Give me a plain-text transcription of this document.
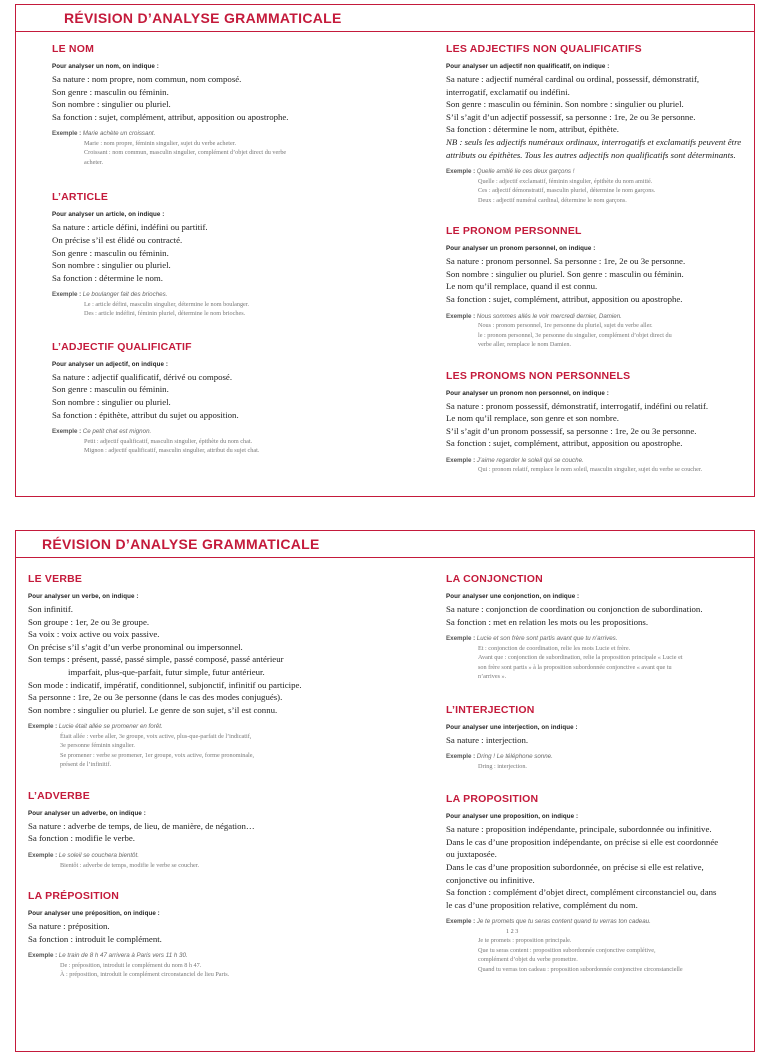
RÉVISION D’ANALYSE GRAMMATICALE
LE NOM

Pour analyser un nom, on indique :

Sa nature : nom propre, nom commun, nom composé.

Son genre : masculin ou féminin.

Son nombre : singulier ou pluriel.

Sa fonction : sujet, complément, attribut, apposition ou apostrophe.

Exemple : Marie achète un croissant.
Marie : nom propre, féminin singulier, sujet du verbe acheter.
Croissant : nom commun, masculin singulier, complément d’objet direct du verbe
acheter.
L’ARTICLE

Pour analyser un article, on indique :

Sa nature : article défini, indéfini ou partitif.

On précise s’il est élidé ou contracté.

Son genre : masculin ou féminin.

Son nombre : singulier ou pluriel.

Sa fonction : détermine le nom.

Exemple : Le boulanger fait des brioches.
Le : article défini, masculin singulier, détermine le nom boulanger.
Des : article indéfini, féminin pluriel, détermine le nom brioches.
L’ADJECTIF QUALIFICATIF

Pour analyser un adjectif, on indique :

Sa nature : adjectif qualificatif, dérivé ou composé.

Son genre : masculin ou féminin.

Son nombre : singulier ou pluriel.

Sa fonction : épithète, attribut du sujet ou apposition.

Exemple : Ce petit chat est mignon.
Petit : adjectif qualificatif, masculin singulier, épithète du nom chat.
Mignon : adjectif qualificatif, masculin singulier, attribut du sujet chat.
LES ADJECTIFS NON QUALIFICATIFS

Pour analyser un adjectif non qualificatif, on indique :

Sa nature : adjectif numéral cardinal ou ordinal, possessif, démonstratif,

interrogatif, exclamatif ou indéfini.

Son genre : masculin ou féminin. Son nombre : singulier ou pluriel.

S’il s’agit d’un adjectif possessif, sa personne : 1re, 2e ou 3e personne.

Sa fonction : détermine le nom, attribut, épithète.

NB : seuls les adjectifs numéraux ordinaux, interrogatifs et exclamatifs peuvent être

attributs ou épithètes. Tous les autres adjectifs non qualificatifs sont déterminants.

Exemple : Quelle amitié lie ces deux garçons !
Quelle : adjectif exclamatif, féminin singulier, épithète du nom amitié.
Ces : adjectif démonstratif, masculin pluriel, détermine le nom garçons.
Deux : adjectif numéral cardinal, détermine le nom garçons.
LE PRONOM PERSONNEL

Pour analyser un pronom personnel, on indique :

Sa nature : pronom personnel. Sa personne : 1re, 2e ou 3e personne.

Son nombre : singulier ou pluriel. Son genre : masculin ou féminin.

Le nom qu’il remplace, quand il est connu.

Sa fonction : sujet, complément, attribut, apposition ou apostrophe.

Exemple : Nous sommes allés le voir mercredi dernier, Damien.
Nous : pronom personnel, 1re personne du pluriel, sujet du verbe aller.
le : pronom personnel, 3e personne du singulier, complément d’objet direct du
verbe aller, remplace le nom Damien.
LES PRONOMS NON PERSONNELS

Pour analyser un pronom non personnel, on indique :

Sa nature : pronom possessif, démonstratif, interrogatif, indéfini ou relatif.

Le nom qu’il remplace, son genre et son nombre.

S’il s’agit d’un pronom possessif, sa personne : 1re, 2e ou 3e personne.

Sa fonction : sujet, complément, attribut, apposition ou apostrophe.

Exemple : J’aime regarder le soleil qui se couche.
Qui : pronom relatif, remplace le nom soleil, masculin singulier, sujet du verbe se coucher.
RÉVISION D’ANALYSE GRAMMATICALE
LE VERBE

Pour analyser un verbe, on indique :

Son infinitif.

Son groupe : 1er, 2e ou 3e groupe.

Sa voix : voix active ou voix passive.

On précise s’il s’agit d’un verbe pronominal ou impersonnel.

Son temps : présent, passé, passé simple, passé composé, passé antérieur

imparfait, plus-que-parfait, futur simple, futur antérieur.

Son mode : indicatif, impératif, conditionnel, subjonctif, infinitif ou participe.

Sa personne : 1re, 2e ou 3e personne (dans le cas des modes conjugués).

Son nombre : singulier ou pluriel. Le genre de son sujet, s’il est connu.

Exemple : Lucie était allée se promener en forêt.
Était allée : verbe aller, 3e groupe, voix active, plus-que-parfait de l’indicatif,
3e personne féminin singulier.
Se promener : verbe se promener, 1er groupe, voix active, forme pronominale,
présent de l’infinitif.
L’ADVERBE

Pour analyser un adverbe, on indique :

Sa nature : adverbe de temps, de lieu, de manière, de négation…

Sa fonction : modifie le verbe.

Exemple : Le soleil se couchera bientôt.
Bientôt : adverbe de temps, modifie le verbe se coucher.
LA PRÉPOSITION

Pour analyser une préposition, on indique :

Sa nature : préposition.

Sa fonction : introduit le complément.

Exemple : Le train de 8 h 47 arrivera à Paris vers 11 h 30.
De : préposition, introduit le complément du nom 8 h 47.
À : préposition, introduit le complément circonstanciel de lieu Paris.
LA CONJONCTION

Pour analyser une conjonction, on indique :

Sa nature : conjonction de coordination ou conjonction de subordination.

Sa fonction : met en relation les mots ou les propositions.

Exemple : Lucie et son frère sont partis avant que tu n’arrives.
Et : conjonction de coordination, relie les mots Lucie et frère.
Avant que : conjonction de subordination, relie la proposition principale « Lucie et
son frère sont partis » à la proposition subordonnée conjonctive « avant que tu
n’arrives ».
L’INTERJECTION

Pour analyser une interjection, on indique :

Sa nature : interjection.

Exemple : Dring ! Le téléphone sonne.
Dring : interjection.
LA PROPOSITION

Pour analyser une proposition, on indique :

Sa nature : proposition indépendante, principale, subordonnée ou infinitive.

Dans le cas d’une proposition indépendante, on précise si elle est coordonnée

ou juxtaposée.

Dans le cas d’une proposition subordonnée, on précise si elle est relative,

conjonctive ou infinitive.

Sa fonction : complément d’objet direct, complément circonstanciel ou, dans

le cas d’une proposition relative, complément du nom.

Exemple : Je te promets que tu seras content quand tu verras ton cadeau.
1 2 3
Je te promets : proposition principale.
Que tu seras content : proposition subordonnée conjonctive complétive,
complément d’objet du verbe promettre.
Quand tu verras ton cadeau : proposition subordonnée conjonctive circonstancielle
